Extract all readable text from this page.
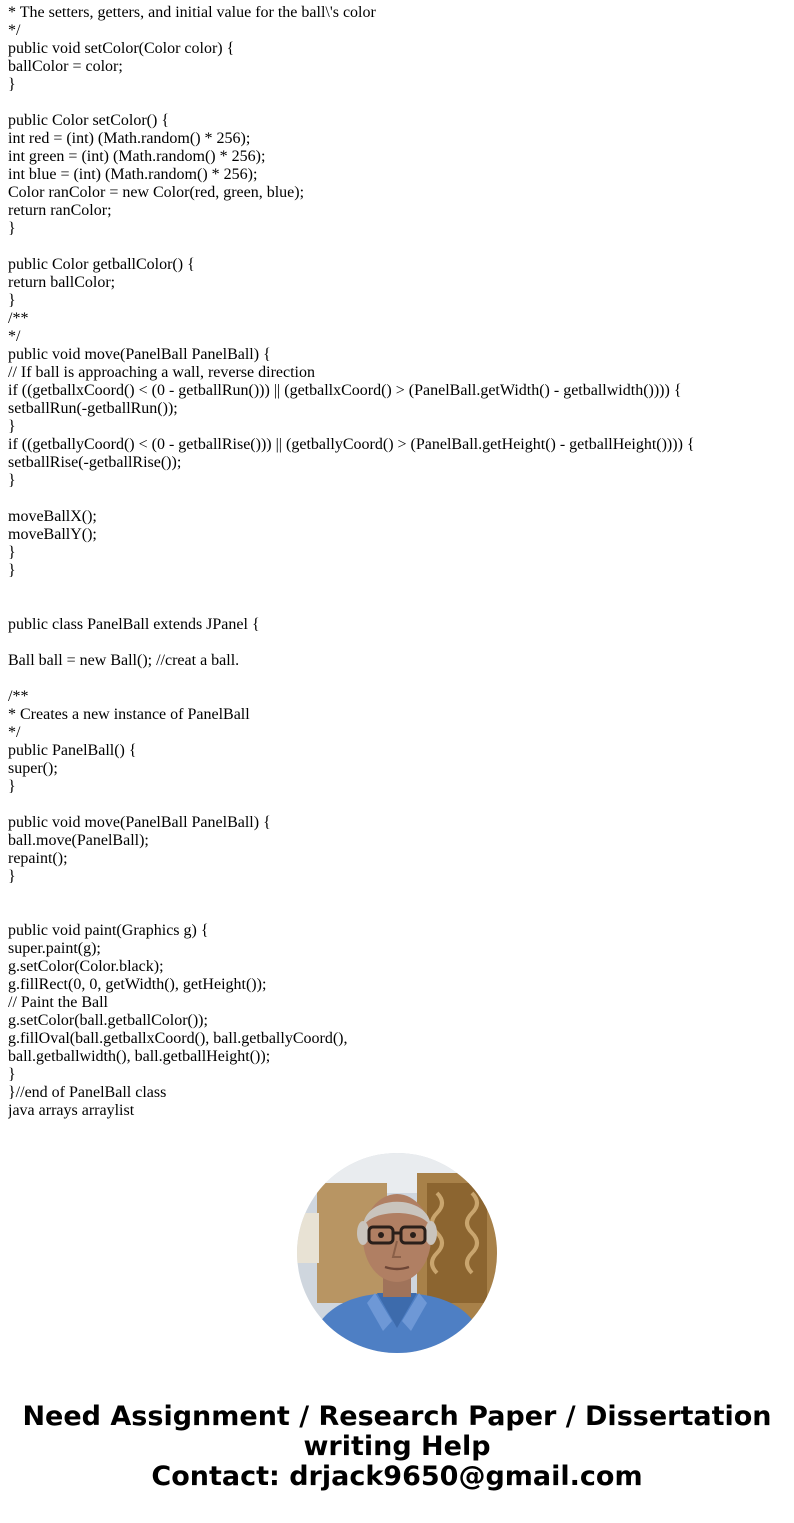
* The setters, getters, and initial value for the ball\'s color
*/
public void setColor(Color color) {
ballColor = color;
}
public Color setColor() {
int red = (int) (Math.random() * 256);
int green = (int) (Math.random() * 256);
int blue = (int) (Math.random() * 256);
Color ranColor = new Color(red, green, blue);
return ranColor;
}
public Color getballColor() {
return ballColor;
}
/**
*/
public void move(PanelBall PanelBall) {
// If ball is approaching a wall, reverse direction
if ((getballxCoord() < (0 - getballRun())) || (getballxCoord() > (PanelBall.getWidth() - getballwidth()))) {
setballRun(-getballRun());
}
if ((getballyCoord() < (0 - getballRise())) || (getballyCoord() > (PanelBall.getHeight() - getballHeight()))) {
setballRise(-getballRise());
}
moveBallX();
moveBallY();
}
}
public class PanelBall extends JPanel {
Ball ball = new Ball(); //creat a ball.
/**
* Creates a new instance of PanelBall
*/
public PanelBall() {
super();
}
public void move(PanelBall PanelBall) {
ball.move(PanelBall);
repaint();
}
public void paint(Graphics g) {
super.paint(g);
g.setColor(Color.black);
g.fillRect(0, 0, getWidth(), getHeight());
// Paint the Ball
g.setColor(ball.getballColor());
g.fillOval(ball.getballxCoord(), ball.getballyCoord(),
ball.getballwidth(), ball.getballHeight());
}
}//end of PanelBall class
java arrays arraylist
Need Assignment / Research Paper / Dissertation
writing Help
Contact: drjack9650@gmail.com
